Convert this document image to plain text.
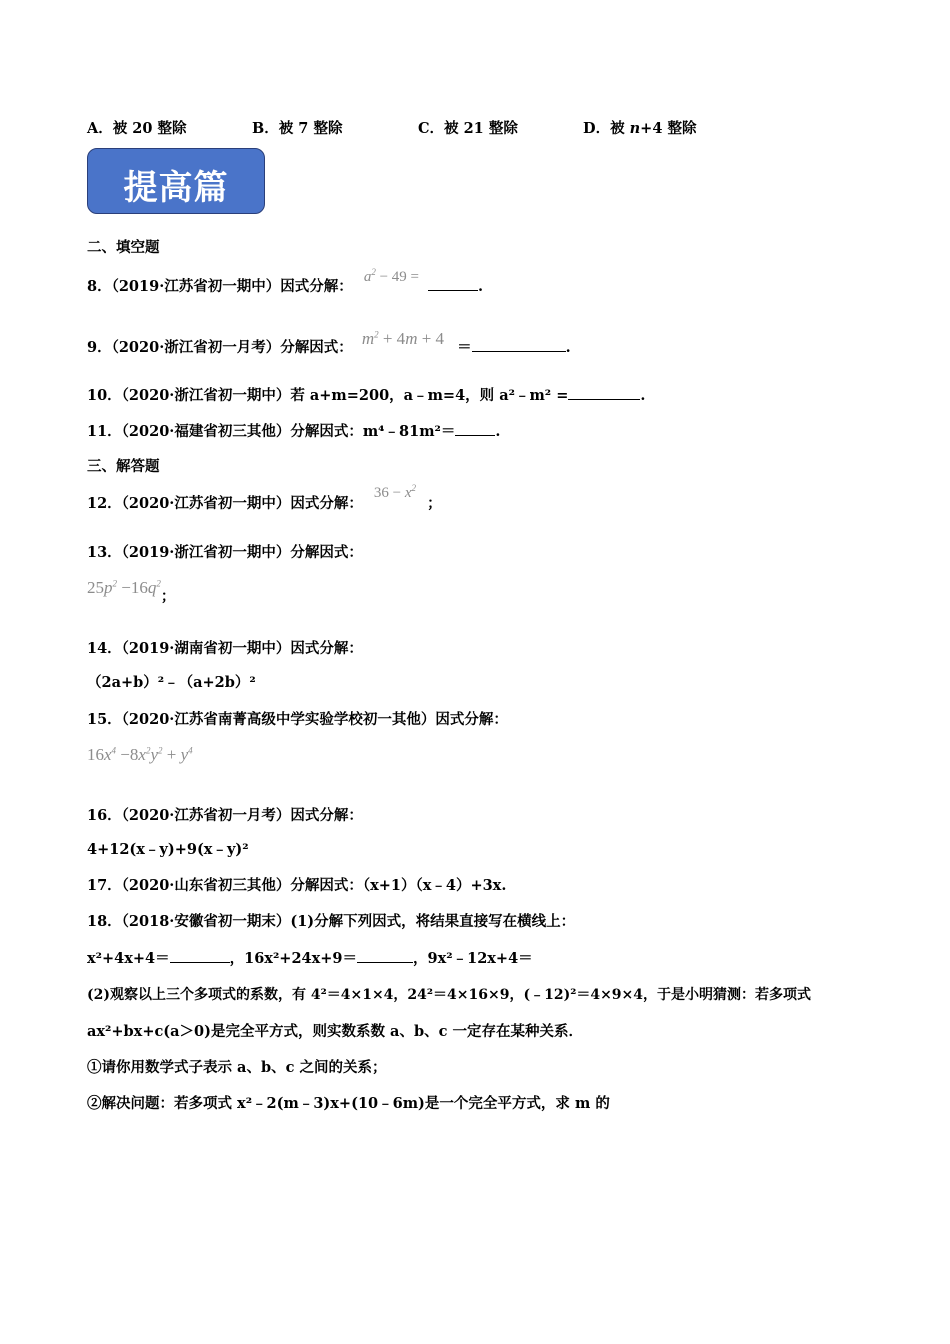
A．被 20 整除	B．被 7 整除	C．被 21 整除	D．被 n+4 整除
提高篇
二、填空题
8．（2019·江苏省初一期中）因式分解： $a^2 - 49$ = .
9．（2020·浙江省初一月考）分解因式： $m^2 + 4m + 4$ ＝	.
10．（2020·浙江省初一期中）若 a+m=200，a﹣m=4，则 a²﹣m² =	.
11．（2020·福建省初三其他）分解因式：m⁴﹣81m²＝	.
三、解答题
12．（2020·江苏省初一期中）因式分解： $36 - x^2$ ；
13．（2019·浙江省初一期中）分解因式：
$25p^2 -16q^2$；
14．（2019·湖南省初一期中）因式分解：
（2a+b）²﹣（a+2b）²
15．（2020·江苏省南菁高级中学实验学校初一其他）因式分解：
$16x^4 -8x^2y^2 + y^4$
16．（2020·江苏省初一月考）因式分解：
4+12(x﹣y)+9(x﹣y)²
17．（2020·山东省初三其他）分解因式：（x+1）（x﹣4）+3x.
18．（2018·安徽省初一期末）(1)分解下列因式，将结果直接写在横线上：
x²+4x+4＝	，16x²+24x+9＝	，9x²﹣12x+4＝
(2)观察以上三个多项式的系数，有 4²＝4×1×4，24²＝4×16×9，(﹣12)²＝4×9×4，于是小明猜测：若多项式
ax²+bx+c(a＞0)是完全平方式，则实数系数 a、b、c 一定存在某种关系．
①请你用数学式子表示 a、b、c 之间的关系；
②解决问题：若多项式 x²﹣2(m﹣3)x+(10﹣6m)是一个完全平方式，求 m 的
